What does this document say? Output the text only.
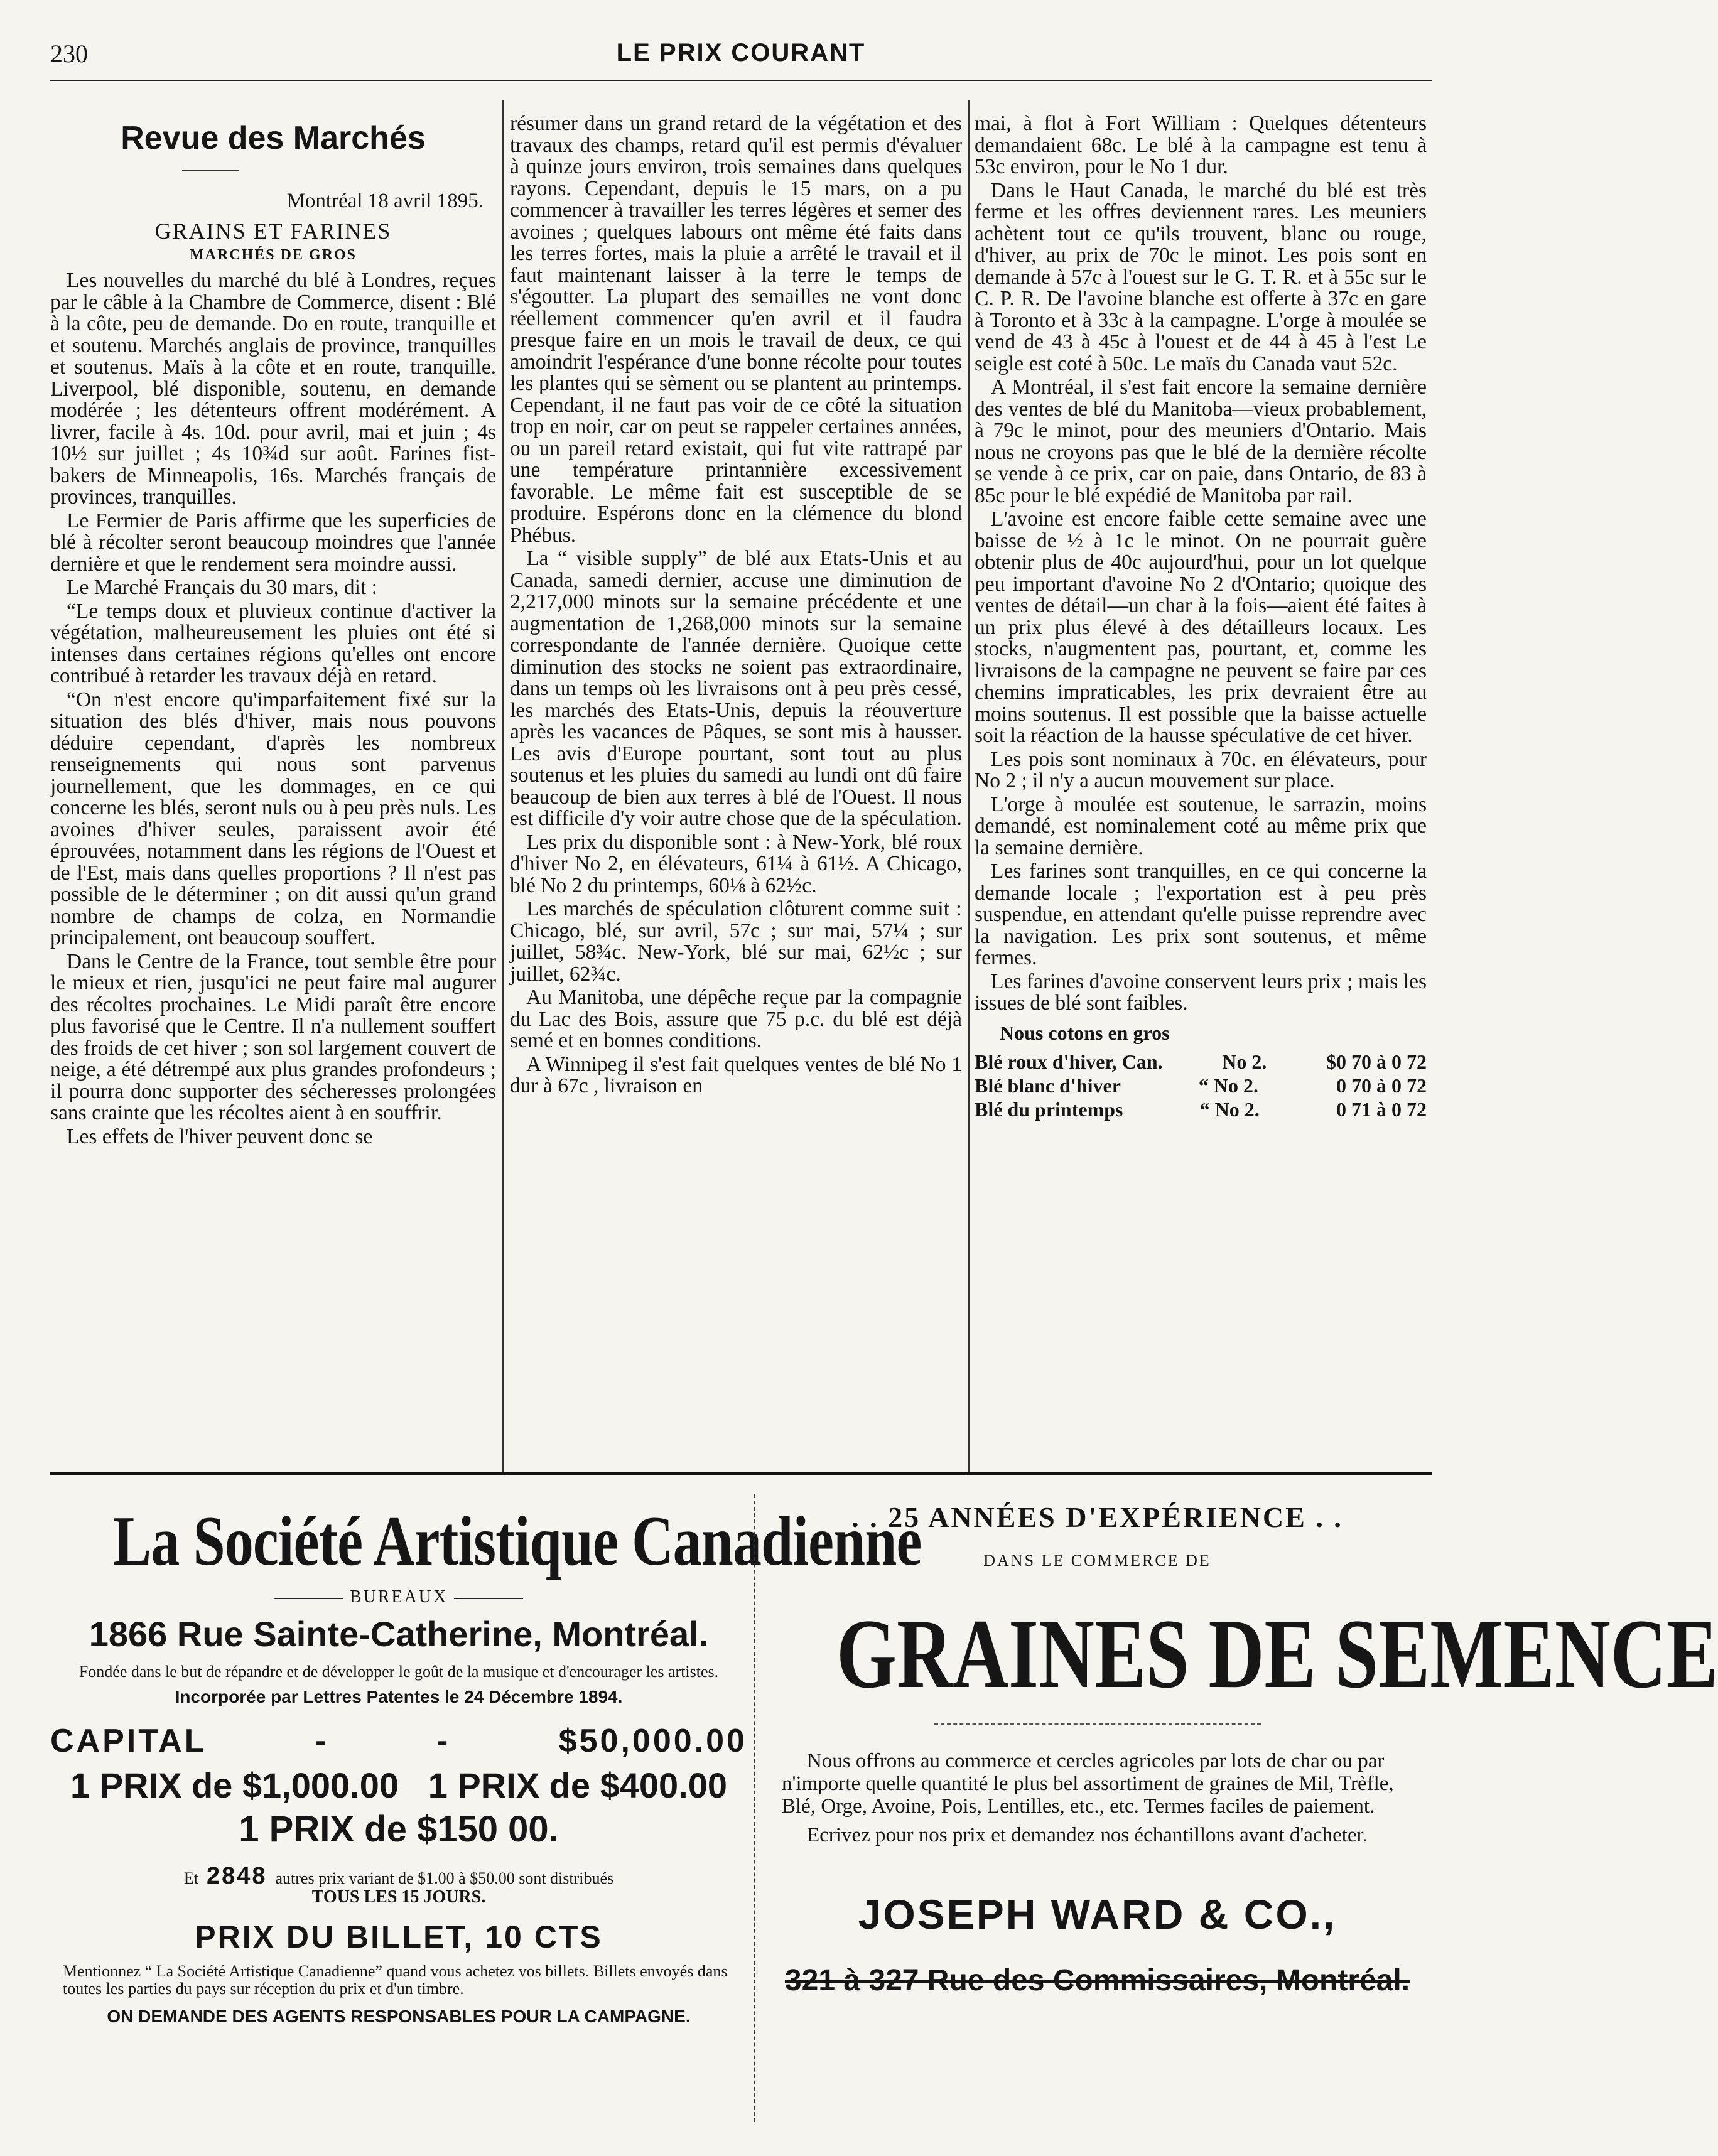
230	LE PRIX COURANT
Revue des Marchés
Montréal 18 avril 1895.
GRAINS ET FARINES
MARCHÉS DE GROS

Les nouvelles du marché du blé à Londres, reçues par le câble à la Chambre de Commerce, disent : Blé à la côte, peu de demande. Do en route, tranquille et et soutenu. Marchés anglais de province, tranquilles et soutenus. Maïs à la côte et en route, tranquille. Liverpool, blé disponible, soutenu, en demande modérée ; les détenteurs offrent modérément. A livrer, facile à 4s. 10d. pour avril, mai et juin ; 4s 10½ sur juillet ; 4s 10¾d sur août. Farines fist-bakers de Minneapolis, 16s. Marchés français de provinces, tranquilles.

Le Fermier de Paris affirme que les superficies de blé à récolter seront beaucoup moindres que l'année dernière et que le rendement sera moindre aussi.

Le Marché Français du 30 mars, dit :

“Le temps doux et pluvieux continue d'activer la végétation, malheureusement les pluies ont été si intenses dans certaines régions qu'elles ont encore contribué à retarder les travaux déjà en retard.

“On n'est encore qu'imparfaitement fixé sur la situation des blés d'hiver, mais nous pouvons déduire cependant, d'après les nombreux renseignements qui nous sont parvenus journellement, que les dommages, en ce qui concerne les blés, seront nuls ou à peu près nuls. Les avoines d'hiver seules, paraissent avoir été éprouvées, notamment dans les régions de l'Ouest et de l'Est, mais dans quelles proportions ? Il n'est pas possible de le déterminer ; on dit aussi qu'un grand nombre de champs de colza, en Normandie principalement, ont beaucoup souffert.

Dans le Centre de la France, tout semble être pour le mieux et rien, jusqu'ici ne peut faire mal augurer des récoltes prochaines. Le Midi paraît être encore plus favorisé que le Centre. Il n'a nullement souffert des froids de cet hiver ; son sol largement couvert de neige, a été détrempé aux plus grandes profondeurs ; il pourra donc supporter des sécheresses prolongées sans crainte que les récoltes aient à en souffrir.

Les effets de l'hiver peuvent donc se

résumer dans un grand retard de la végétation et des travaux des champs, retard qu'il est permis d'évaluer à quinze jours environ, trois semaines dans quelques rayons. Cependant, depuis le 15 mars, on a pu commencer à travailler les terres légères et semer des avoines ; quelques labours ont même été faits dans les terres fortes, mais la pluie a arrêté le travail et il faut maintenant laisser à la terre le temps de s'égoutter. La plupart des semailles ne vont donc réellement commencer qu'en avril et il faudra presque faire en un mois le travail de deux, ce qui amoindrit l'espérance d'une bonne récolte pour toutes les plantes qui se sèment ou se plantent au printemps. Cependant, il ne faut pas voir de ce côté la situation trop en noir, car on peut se rappeler certaines années, ou un pareil retard existait, qui fut vite rattrapé par une température printannière excessivement favorable. Le même fait est susceptible de se produire. Espérons donc en la clémence du blond Phébus.

La “ visible supply” de blé aux Etats-Unis et au Canada, samedi dernier, accuse une diminution de 2,217,000 minots sur la semaine précédente et une augmentation de 1,268,000 minots sur la semaine correspondante de l'année dernière. Quoique cette diminution des stocks ne soient pas extraordinaire, dans un temps où les livraisons ont à peu près cessé, les marchés des Etats-Unis, depuis la réouverture après les vacances de Pâques, se sont mis à hausser. Les avis d'Europe pourtant, sont tout au plus soutenus et les pluies du samedi au lundi ont dû faire beaucoup de bien aux terres à blé de l'Ouest. Il nous est difficile d'y voir autre chose que de la spéculation.

Les prix du disponible sont : à New-York, blé roux d'hiver No 2, en élévateurs, 61¼ à 61½. A Chicago, blé No 2 du printemps, 60⅛ à 62½c.

Les marchés de spéculation clôturent comme suit : Chicago, blé, sur avril, 57c ; sur mai, 57¼ ; sur juillet, 58¾c. New-York, blé sur mai, 62½c ; sur juillet, 62¾c.

Au Manitoba, une dépêche reçue par la compagnie du Lac des Bois, assure que 75 p.c. du blé est déjà semé et en bonnes conditions.

A Winnipeg il s'est fait quelques ventes de blé No 1 dur à 67c , livraison en

mai, à flot à Fort William : Quelques détenteurs demandaient 68c. Le blé à la campagne est tenu à 53c environ, pour le No 1 dur.

Dans le Haut Canada, le marché du blé est très ferme et les offres deviennent rares. Les meuniers achètent tout ce qu'ils trouvent, blanc ou rouge, d'hiver, au prix de 70c le minot. Les pois sont en demande à 57c à l'ouest sur le G. T. R. et à 55c sur le C. P. R. De l'avoine blanche est offerte à 37c en gare à Toronto et à 33c à la campagne. L'orge à moulée se vend de 43 à 45c à l'ouest et de 44 à 45 à l'est Le seigle est coté à 50c. Le maïs du Canada vaut 52c.

A Montréal, il s'est fait encore la semaine dernière des ventes de blé du Manitoba—vieux probablement, à 79c le minot, pour des meuniers d'Ontario. Mais nous ne croyons pas que le blé de la dernière récolte se vende à ce prix, car on paie, dans Ontario, de 83 à 85c pour le blé expédié de Manitoba par rail.

L'avoine est encore faible cette semaine avec une baisse de ½ à 1c le minot. On ne pourrait guère obtenir plus de 40c aujourd'hui, pour un lot quelque peu important d'avoine No 2 d'Ontario; quoique des ventes de détail—un char à la fois—aient été faites à un prix plus élevé à des détailleurs locaux. Les stocks, n'augmentent pas, pourtant, et, comme les livraisons de la campagne ne peuvent se faire par ces chemins impraticables, les prix devraient être au moins soutenus. Il est possible que la baisse actuelle soit la réaction de la hausse spéculative de cet hiver.

Les pois sont nominaux à 70c. en élévateurs, pour No 2 ; il n'y a aucun mouvement sur place.

L'orge à moulée est soutenue, le sarrazin, moins demandé, est nominalement coté au même prix que la semaine dernière.

Les farines sont tranquilles, en ce qui concerne la demande locale ; l'exportation est à peu près suspendue, en attendant qu'elle puisse reprendre avec la navigation. Les prix sont soutenus, et même fermes.

Les farines d'avoine conservent leurs prix ; mais les issues de blé sont faibles.

Nous cotons en gros
Blé roux d'hiver, Can.	No 2.	$0 70 à 0 72
Blé blanc d'hiver	“ No 2.	0 70 à 0 72
Blé du printemps	“ No 2.	0 71 à 0 72
La Société Artistique Canadienne
BUREAUX
1866 Rue Sainte-Catherine, Montréal.
Fondée dans le but de répandre et de développer le goût de la musique et d'encourager les artistes.
Incorporée par Lettres Patentes le 24 Décembre 1894.
CAPITAL	-	-	$50,000.00
1 PRIX de $1,000.00 1 PRIX de $400.00
1 PRIX de $150 00.
Et 2848 autres prix variant de $1.00 à $50.00 sont distribués
TOUS LES 15 JOURS.
PRIX DU BILLET, 10 CTS
Mentionnez “ La Société Artistique Canadienne” quand vous achetez vos billets. Billets envoyés dans toutes les parties du pays sur réception du prix et d'un timbre.
ON DEMANDE DES AGENTS RESPONSABLES POUR LA CAMPAGNE.
. . 25 ANNÉES D'EXPÉRIENCE . .
DANS LE COMMERCE DE
GRAINES DE SEMENCE
Nous offrons au commerce et cercles agricoles par lots de char ou par n'importe quelle quantité le plus bel assortiment de graines de Mil, Trèfle, Blé, Orge, Avoine, Pois, Lentilles, etc., etc. Termes faciles de paiement.
Ecrivez pour nos prix et demandez nos échantillons avant d'acheter.
JOSEPH WARD & CO.,
321 à 327 Rue des Commissaires, Montréal.
